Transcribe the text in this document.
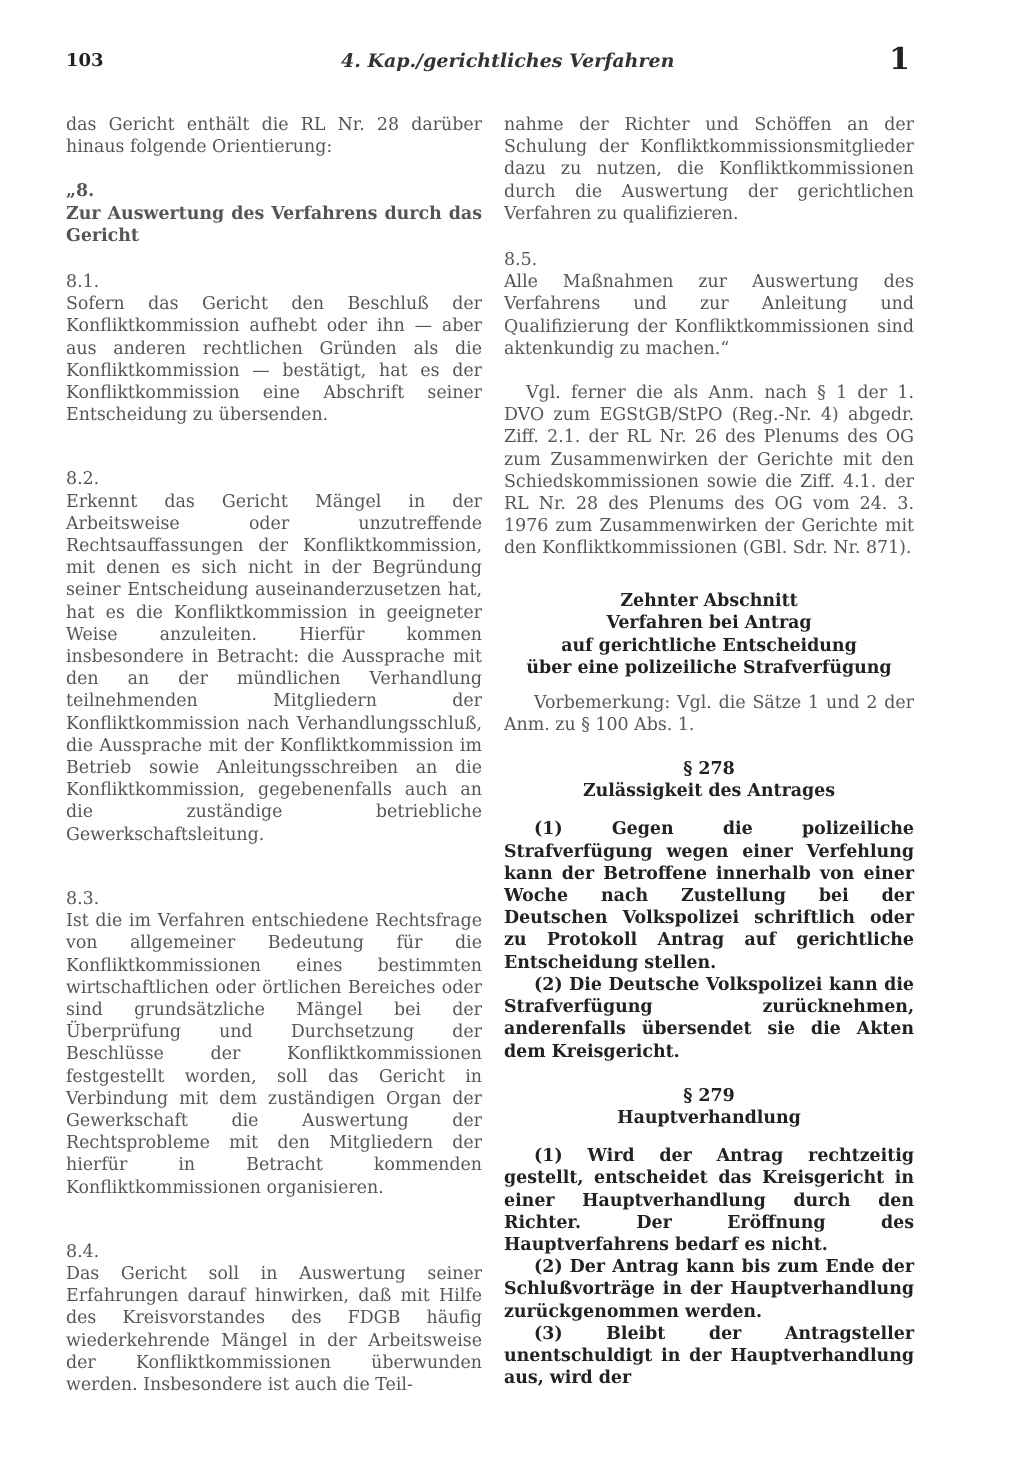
103	4. Kap./gerichtliches Verfahren	1

das Gericht enthält die RL Nr. 28 darüber hinaus folgende Orientierung:

„8.
Zur Auswertung des Verfahrens durch das Gericht
8.1.

Sofern das Gericht den Beschluß der Konfliktkommission aufhebt oder ihn — aber aus anderen rechtlichen Gründen als die Konfliktkommission — bestätigt, hat es der Konfliktkommission eine Abschrift seiner Entscheidung zu übersenden.

8.2.

Erkennt das Gericht Mängel in der Arbeitsweise oder unzutreffende Rechtsauffassungen der Konfliktkommission, mit denen es sich nicht in der Begründung seiner Entscheidung auseinanderzusetzen hat, hat es die Konfliktkommission in geeigneter Weise anzuleiten. Hierfür kommen insbesondere in Betracht: die Aussprache mit den an der mündlichen Verhandlung teilnehmenden Mitgliedern der Konfliktkommission nach Verhandlungsschluß, die Aussprache mit der Konfliktkommission im Betrieb sowie Anleitungsschreiben an die Konfliktkommission, gegebenenfalls auch an die zuständige betriebliche Gewerkschaftsleitung.

8.3.

Ist die im Verfahren entschiedene Rechtsfrage von allgemeiner Bedeutung für die Konfliktkommissionen eines bestimmten wirtschaftlichen oder örtlichen Bereiches oder sind grundsätzliche Mängel bei der Überprüfung und Durchsetzung der Beschlüsse der Konfliktkommissionen festgestellt worden, soll das Gericht in Verbindung mit dem zuständigen Organ der Gewerkschaft die Auswertung der Rechtsprobleme mit den Mitgliedern der hierfür in Betracht kommenden Konfliktkommissionen organisieren.

8.4.

Das Gericht soll in Auswertung seiner Erfahrungen darauf hinwirken, daß mit Hilfe des Kreisvorstandes des FDGB häufig wiederkehrende Mängel in der Arbeitsweise der Konfliktkommissionen überwunden werden. Insbesondere ist auch die Teil-

nahme der Richter und Schöffen an der Schulung der Konfliktkommissionsmitglieder dazu zu nutzen, die Konfliktkommissionen durch die Auswertung der gerichtlichen Verfahren zu qualifizieren.

8.5.

Alle Maßnahmen zur Auswertung des Verfahrens und zur Anleitung und Qualifizierung der Konfliktkommissionen sind aktenkundig zu machen.“

Vgl. ferner die als Anm. nach § 1 der 1. DVO zum EGStGB/StPO (Reg.-Nr. 4) abgedr. Ziff. 2.1. der RL Nr. 26 des Plenums des OG zum Zusammenwirken der Gerichte mit den Schiedskommissionen sowie die Ziff. 4.1. der RL Nr. 28 des Plenums des OG vom 24. 3. 1976 zum Zusammenwirken der Gerichte mit den Konfliktkommissionen (GBl. Sdr. Nr. 871).

Zehnter Abschnitt
Verfahren bei Antrag
auf gerichtliche Entscheidung
über eine polizeiliche Strafverfügung

Vorbemerkung: Vgl. die Sätze 1 und 2 der Anm. zu § 100 Abs. 1.

§ 278
Zulässigkeit des Antrages

(1) Gegen die polizeiliche Strafverfügung wegen einer Verfehlung kann der Betroffene innerhalb von einer Woche nach Zustellung bei der Deutschen Volkspolizei schriftlich oder zu Protokoll Antrag auf gerichtliche Entscheidung stellen.

(2) Die Deutsche Volkspolizei kann die Strafverfügung zurücknehmen, anderenfalls übersendet sie die Akten dem Kreisgericht.

§ 279
Hauptverhandlung

(1) Wird der Antrag rechtzeitig gestellt, entscheidet das Kreisgericht in einer Hauptverhandlung durch den Richter. Der Eröffnung des Hauptverfahrens bedarf es nicht.

(2) Der Antrag kann bis zum Ende der Schlußvorträge in der Hauptverhandlung zurückgenommen werden.

(3) Bleibt der Antragsteller unentschuldigt in der Hauptverhandlung aus, wird der
